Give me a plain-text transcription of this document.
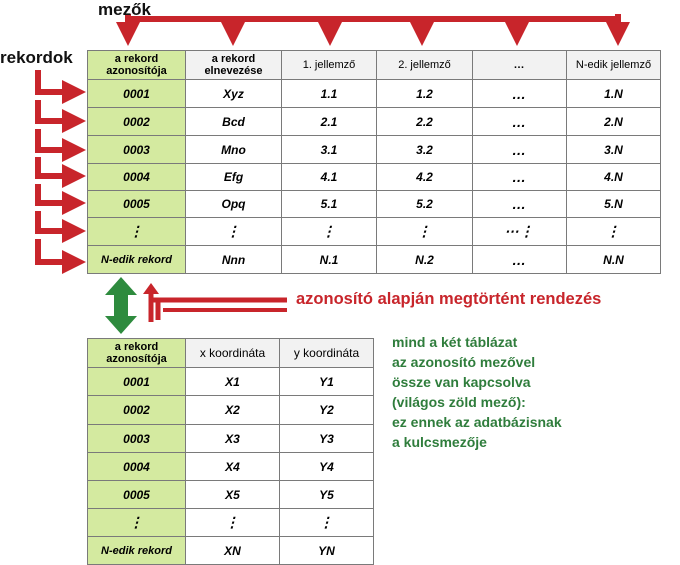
mezők
rekordok	a rekord azonosítója	a rekord elnevezése	1. jellemző	2. jellemző	…	N-edik jellemző
0001	Xyz	1.1	1.2	…	1.N
0002	Bcd	2.1	2.2	…	2.N
0003	Mno	3.1	3.2	…	3.N
0004	Efg	4.1	4.2	…	4.N
0005	Opq	5.1	5.2	…	5.N
⋮	⋮	⋮	⋮	⋯⋮	⋮
N-edik rekord	Nnn	N.1	N.2	…	N.N
azonosító alapján megtörtént rendezés
a rekord azonosítója	x koordináta	y koordináta
0001	X1	Y1
0002	X2	Y2
0003	X3	Y3
0004	X4	Y4
0005	X5	Y5
⋮	⋮	⋮
N-edik rekord	XN	YN
mind a két táblázat
az azonosító mezővel
össze van kapcsolva
(világos zöld mező):
ez ennek az adatbázisnak
a kulcsmezője
